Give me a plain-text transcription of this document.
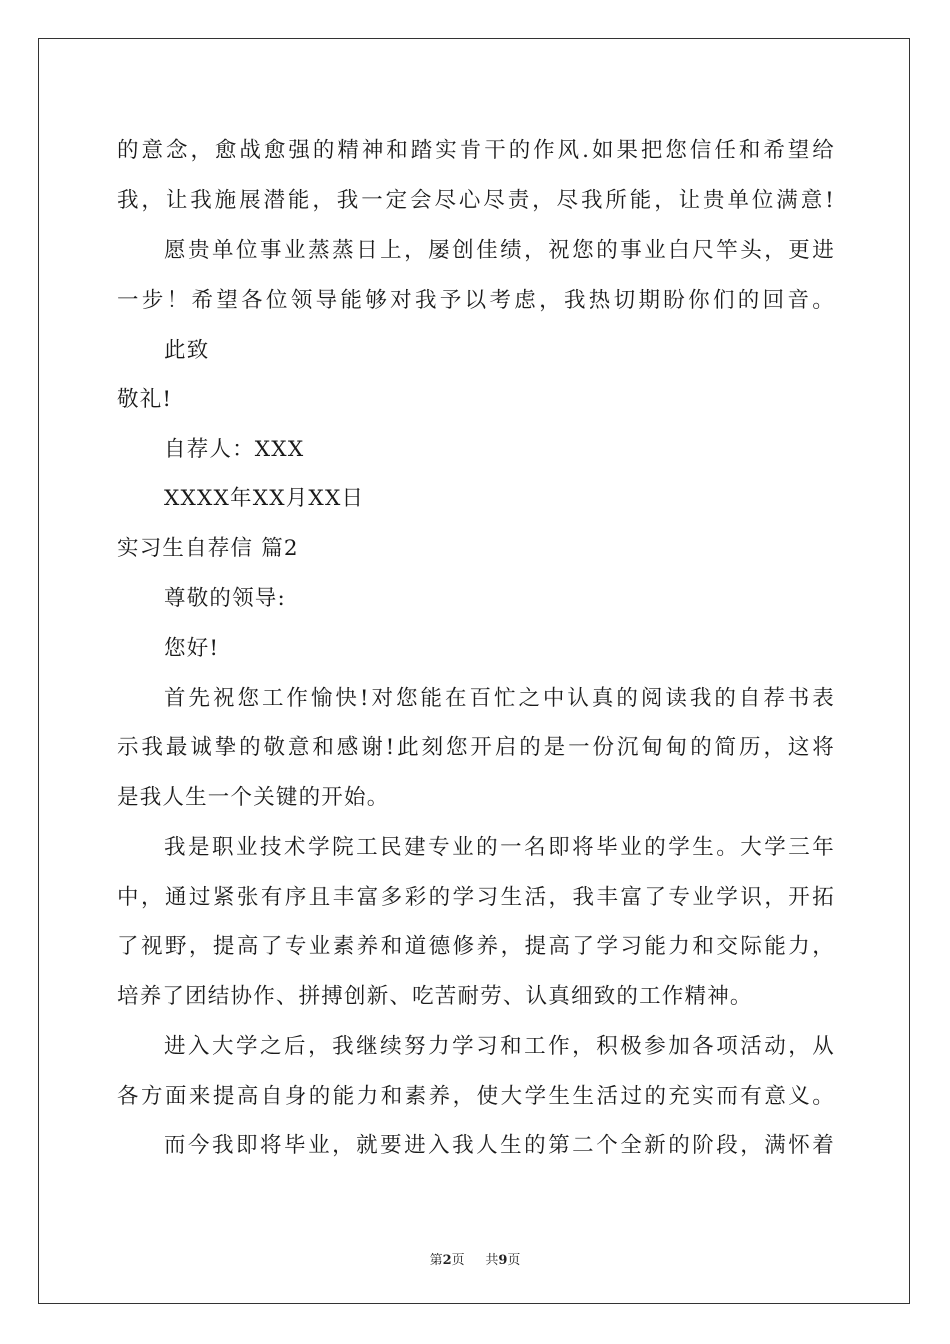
的意念，愈战愈强的精神和踏实肯干的作风.如果把您信任和希望给
我，让我施展潜能，我一定会尽心尽责，尽我所能，让贵单位满意!
愿贵单位事业蒸蒸日上，屡创佳绩，祝您的事业白尺竿头，更进
一步！希望各位领导能够对我予以考虑，我热切期盼你们的回音。
此致
敬礼!
自荐人：XXX
XXXX年XX月XX日
实习生自荐信 篇2
尊敬的领导:
您好!
首先祝您工作愉快!对您能在百忙之中认真的阅读我的自荐书表
示我最诚挚的敬意和感谢!此刻您开启的是一份沉甸甸的简历，这将
是我人生一个关键的开始。
我是职业技术学院工民建专业的一名即将毕业的学生。大学三年
中，通过紧张有序且丰富多彩的学习生活，我丰富了专业学识，开拓
了视野，提高了专业素养和道德修养，提高了学习能力和交际能力，
培养了团结协作、拼搏创新、吃苦耐劳、认真细致的工作精神。
进入大学之后，我继续努力学习和工作，积极参加各项活动，从
各方面来提高自身的能力和素养，使大学生生活过的充实而有意义。
而今我即将毕业，就要进入我人生的第二个全新的阶段，满怀着
第2页 共9页
